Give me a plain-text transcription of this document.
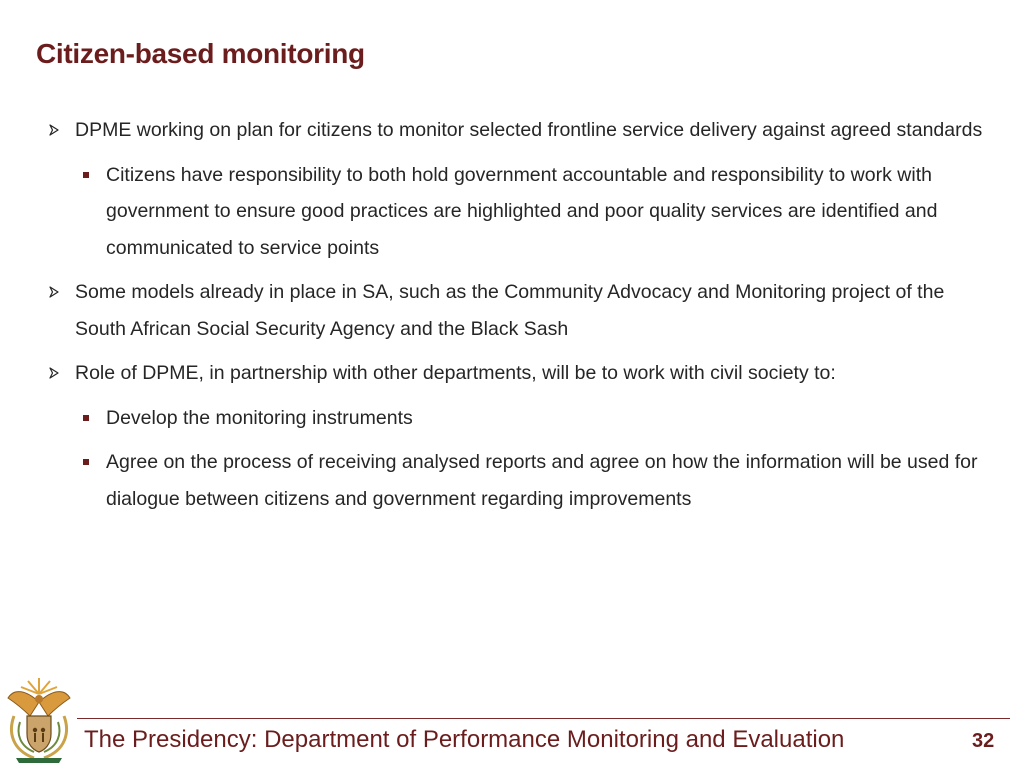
Citizen-based monitoring
DPME working on plan for citizens to monitor selected frontline service delivery against agreed standards
Citizens have responsibility to both hold government accountable and responsibility to work with government to ensure good practices are highlighted and poor quality services are identified and communicated to service points
Some models already in place in SA, such as the Community Advocacy and Monitoring project of the South African Social Security Agency and the Black Sash
Role of DPME, in partnership with other departments, will be to work with civil society to:
Develop the monitoring instruments
Agree on the process of receiving analysed reports and agree on how the information will be used for dialogue between citizens and government regarding improvements
The Presidency: Department of Performance Monitoring and Evaluation	32
